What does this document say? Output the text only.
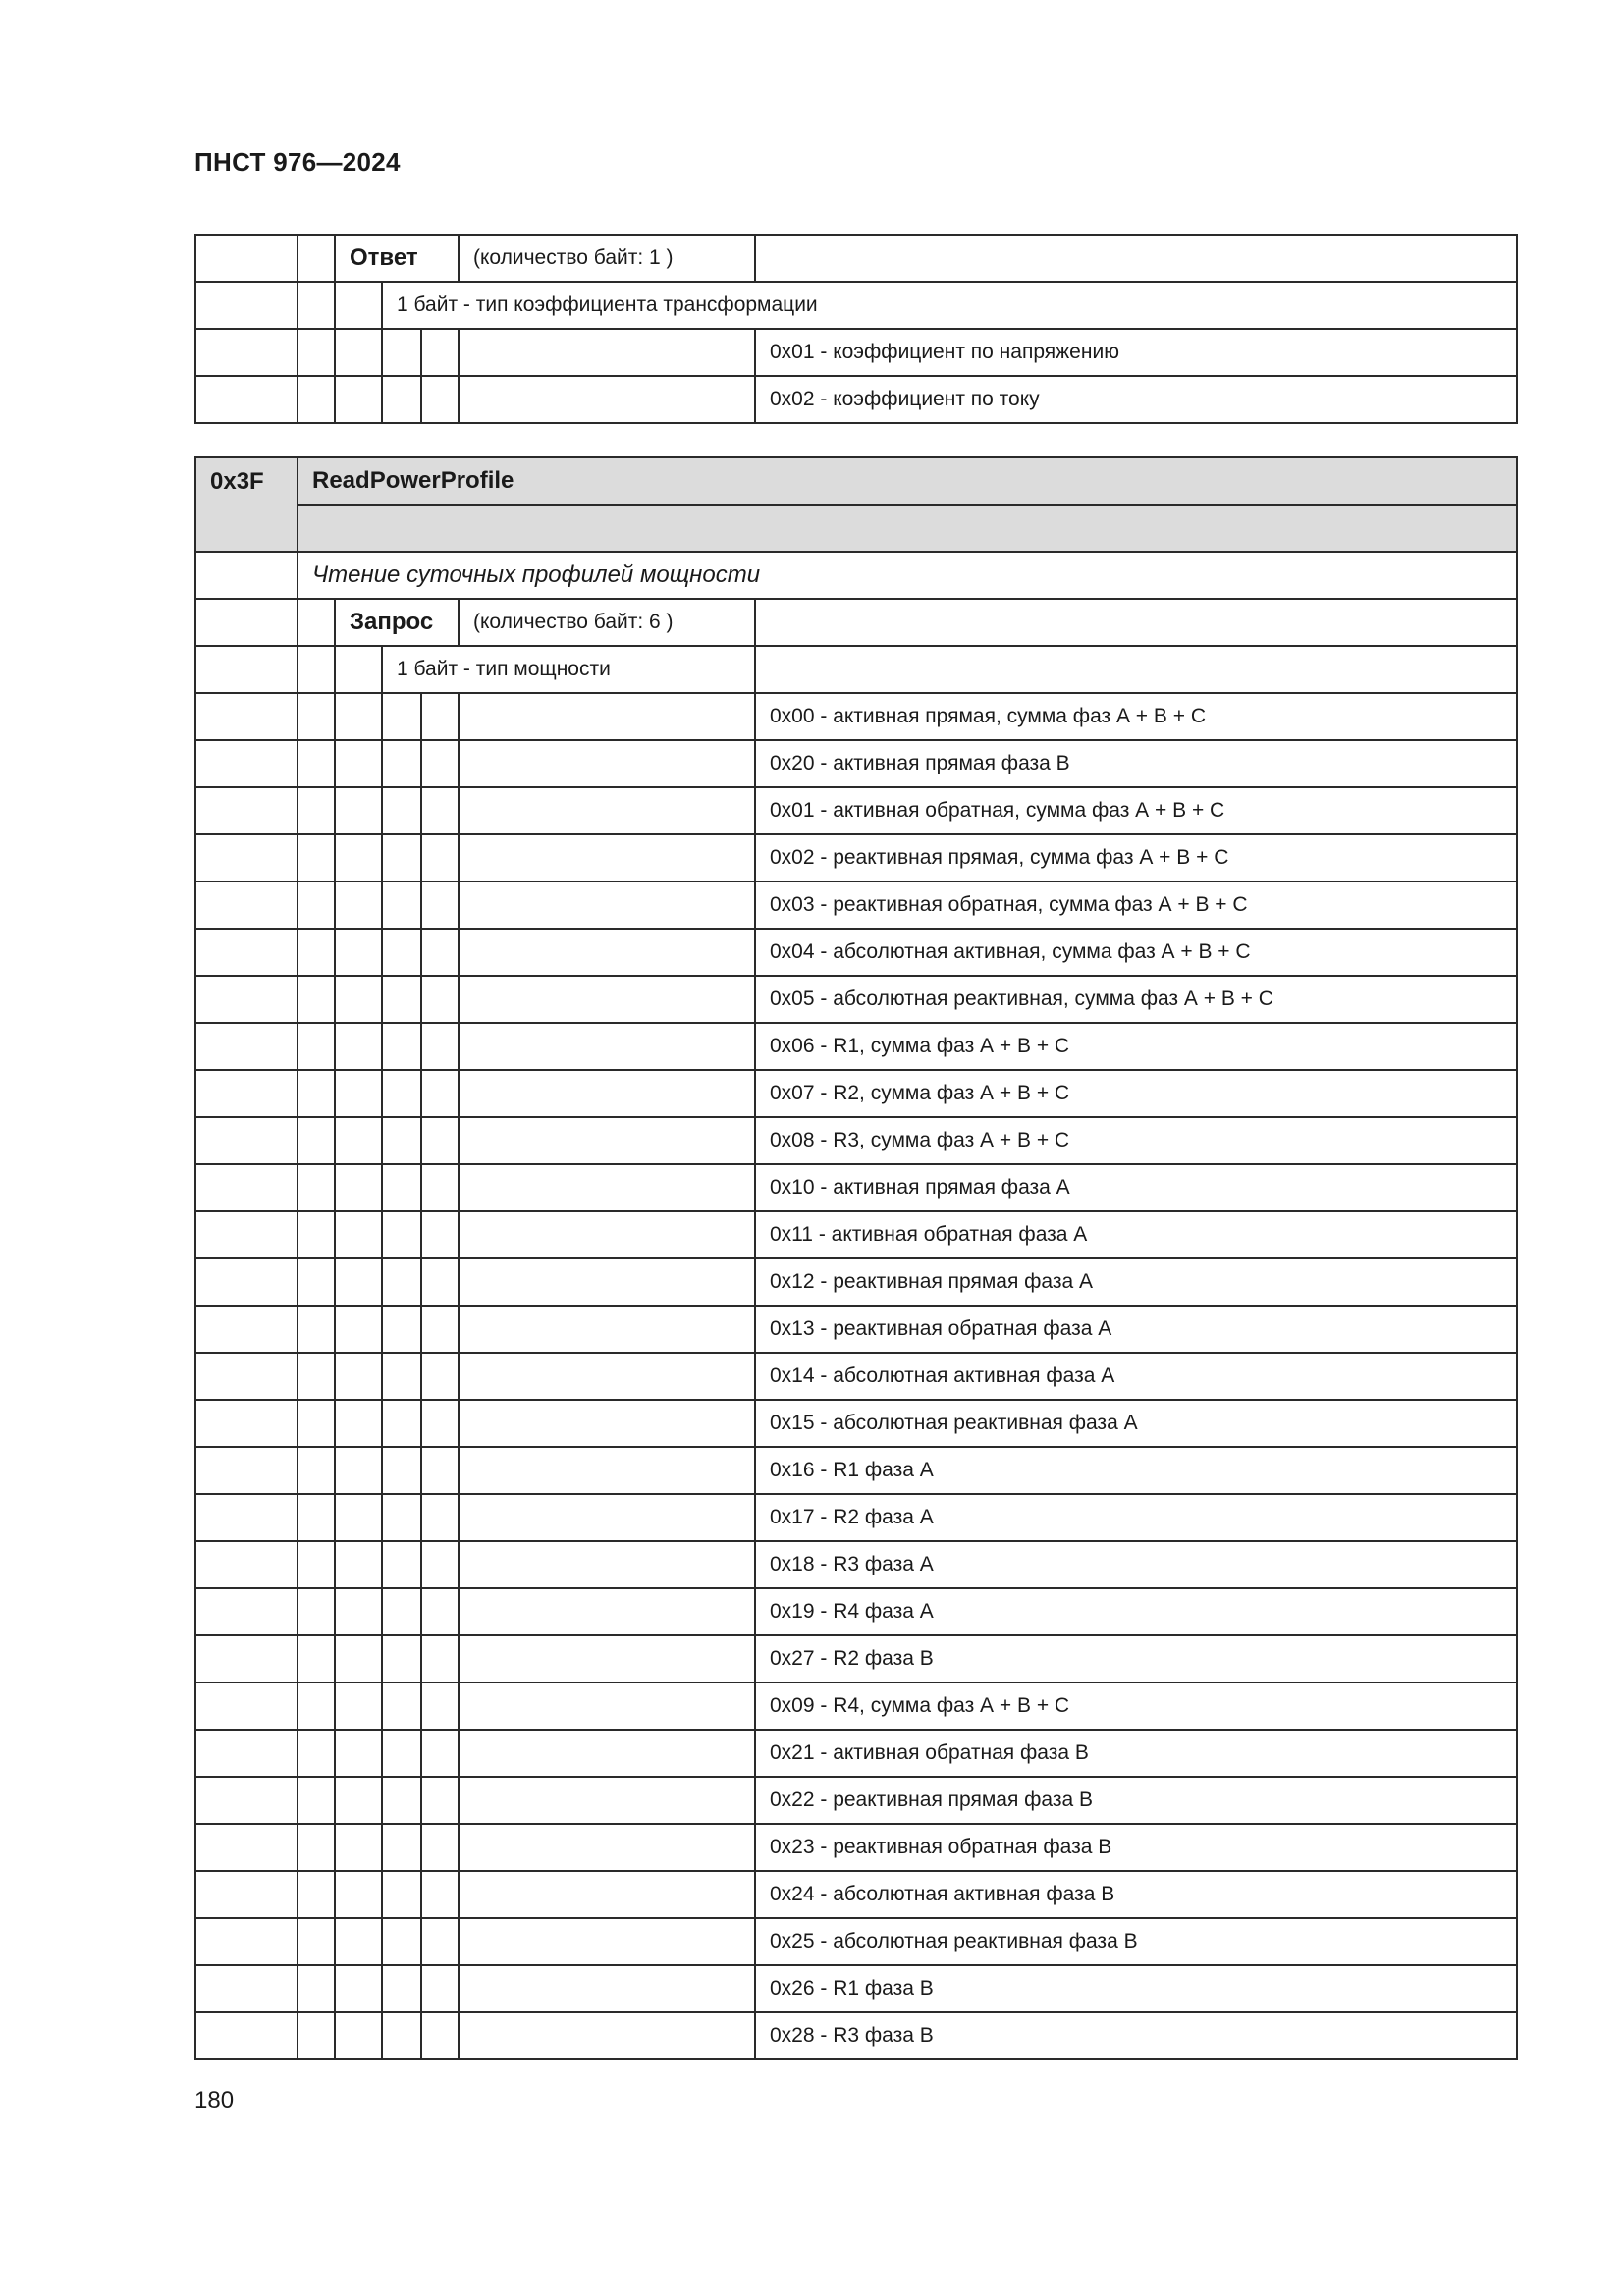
ПНСТ 976—2024
		Ответ			(количество байт: 1 )	
			1 байт - тип коэффициента трансформации			
						0x01 - коэффициент по напряжению
						0x02 - коэффициент по току
0x3F	ReadPowerProfile					

	Чтение суточных профилей мощности					
		Запрос			(количество байт: 6 )	
			1 байт - тип мощности			
						0x00 - активная прямая, сумма фаз А + В + С
						0x20 - активная прямая фаза В
						0x01 - активная обратная, сумма фаз А + В + С
						0x02 - реактивная прямая, сумма фаз А + В + С
						0x03 - реактивная обратная, сумма фаз А + В + С
						0x04 - абсолютная активная, сумма фаз А + В + С
						0x05 - абсолютная реактивная, сумма фаз А + В + С
						0x06 - R1, сумма фаз А + В + С
						0x07 - R2, сумма фаз А + В + С
						0x08 - R3, сумма фаз А + В + С
						0x10 - активная прямая фаза А
						0x11 - активная обратная фаза А
						0x12 - реактивная прямая фаза А
						0x13 - реактивная обратная фаза А
						0x14 - абсолютная активная фаза А
						0x15 - абсолютная реактивная фаза А
						0x16 - R1 фаза А
						0x17 - R2 фаза А
						0x18 - R3 фаза А
						0x19 - R4 фаза А
						0x27 - R2 фаза В
						0x09 - R4, сумма фаз А + В + С
						0x21 - активная обратная фаза В
						0x22 - реактивная прямая фаза В
						0x23 - реактивная обратная фаза В
						0x24 - абсолютная активная фаза В
						0x25 - абсолютная реактивная фаза В
						0x26 - R1 фаза В
						0x28 - R3 фаза В
180
